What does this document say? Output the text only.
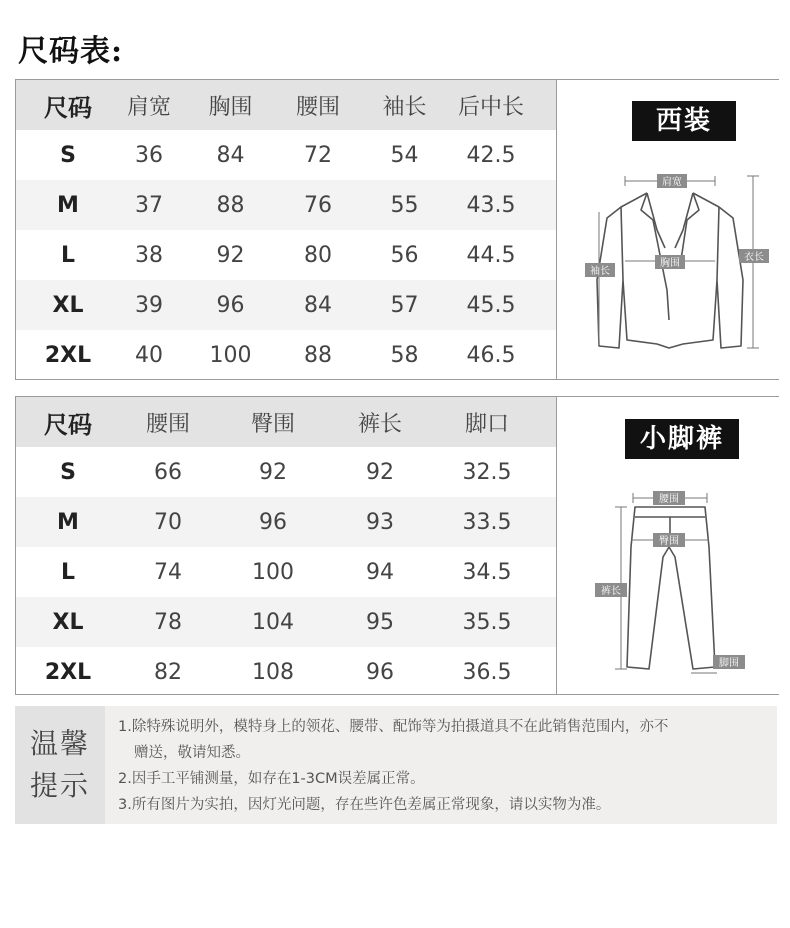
尺码表:
尺码	肩宽	胸围	腰围	袖长	后中长
S	36	84	72	54	42.5
M	37	88	76	55	43.5
L	38	92	80	56	44.5
XL	39	96	84	57	45.5
2XL	40	100	88	58	46.5
西装
肩宽
胸围
袖长
衣长
尺码	腰围	臀围	裤长	脚口
S	66	92	92	32.5
M	70	96	93	33.5
L	74	100	94	34.5
XL	78	104	95	35.5
2XL	82	108	96	36.5
小脚裤
腰围
臀围
裤长
脚围
温馨
提示
1.除特殊说明外，模特身上的领花、腰带、配饰等为拍摄道具不在此销售范围内，亦不
赠送，敬请知悉。
2.因手工平铺测量，如存在1-3CM误差属正常。
3.所有图片为实拍，因灯光问题，存在些许色差属正常现象，请以实物为准。
